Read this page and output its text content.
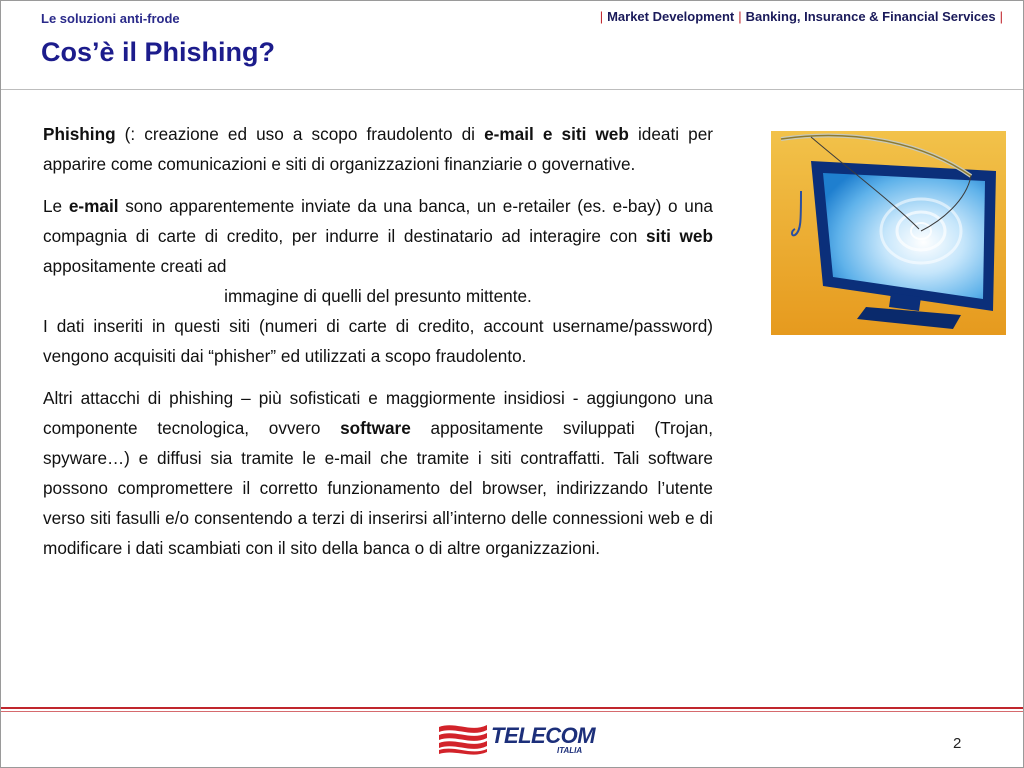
Le soluzioni anti-frode	| Market Development | Banking, Insurance & Financial Services |
Cos’è il Phishing?

Phishing (: creazione ed uso a scopo fraudolento di e-mail e siti web ideati per apparire come comunicazioni e siti di organizzazioni finanziarie o governative.

Le e-mail sono apparentemente inviate da una banca, un e-retailer (es. e-bay) o una compagnia di carte di credito, per indurre il destinatario ad interagire con siti web appositamente creati ad

immagine di quelli del presunto mittente.

I dati inseriti in questi siti (numeri di carte di credito, account username/password) vengono acquisiti dai “phisher” ed utilizzati a scopo fraudolento.

Altri attacchi di phishing – più sofisticati e maggiormente insidiosi - aggiungono una componente tecnologica, ovvero software appositamente sviluppati (Trojan, spyware…) e diffusi sia tramite le e-mail che tramite i siti contraffatti. Tali software possono compromettere il corretto funzionamento del browser, indirizzando l’utente verso siti fasulli e/o consentendo a terzi di inserirsi all’interno delle connessioni web e di modificare i dati scambiati con il sito della banca o di altre organizzazioni.

TELECOM
ITALIA	2
